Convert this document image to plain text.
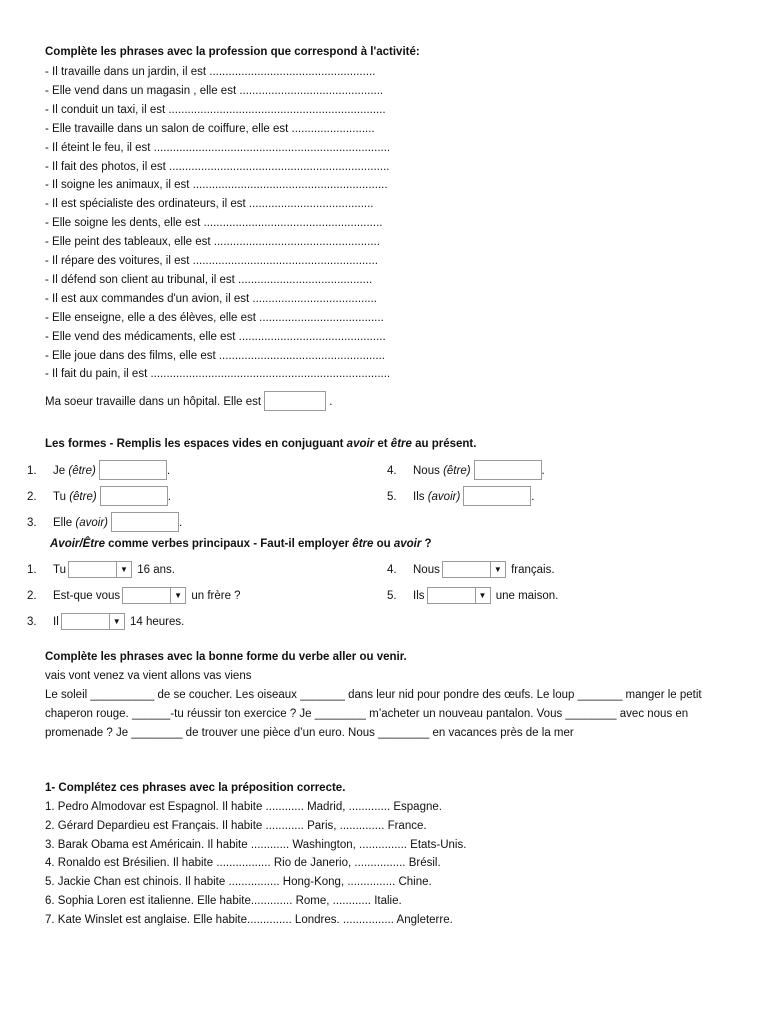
Complète les phrases avec la profession que correspond à l'activité:
- Il travaille dans un jardin, il est ....................................................
- Elle vend dans un magasin , elle est .............................................
- Il conduit un taxi, il est ....................................................................
- Elle travaille dans un salon de coiffure, elle est ..........................
- Il éteint le feu, il est ..........................................................................
- Il fait des photos, il est .....................................................................
- Il soigne les animaux, il est .............................................................
- Il est spécialiste des ordinateurs, il est .......................................
- Elle soigne les dents, elle est ........................................................
- Elle peint des tableaux, elle est ....................................................
- Il répare des voitures, il est ..........................................................
- Il défend son client au tribunal, il est ..........................................
- Il est aux commandes d'un avion, il est .......................................
- Elle enseigne, elle a des élèves, elle est .......................................
- Elle vend des médicaments, elle est ..............................................
- Elle joue dans des films, elle est ....................................................
- Il fait du pain, il est ...........................................................................
Ma soeur travaille dans un hôpital. Elle est	.
Les formes - Remplis les espaces vides en conjuguant avoir et être au présent.
1. Je (être)	.
2. Tu (être)	.
3. Elle (avoir)	.
4. Nous (être)	.
5. Ils (avoir)	.
Avoir/Être comme verbes principaux - Faut-il employer être ou avoir ?
1. Tu	▼ 16 ans.
2. Est-que vous	▼ un frère ?
3. Il	▼ 14 heures.
4. Nous	▼ français.
5. Ils	▼ une maison.
Complète les phrases avec la bonne forme du verbe aller ou venir.
vais vont venez va vient allons vas viens
Le soleil __________ de se coucher. Les oiseaux _______ dans leur nid pour pondre des œufs. Le loup _______ manger le petit chaperon rouge. ______-tu réussir ton exercice ? Je ________ m’acheter un nouveau pantalon. Vous ________ avec nous en promenade ? Je ________ de trouver une pièce d’un euro. Nous ________ en vacances près de la mer
1- Complétez ces phrases avec la préposition correcte.
1. Pedro Almodovar est Espagnol. Il habite ............ Madrid, ............. Espagne.
2. Gérard Depardieu est Français. Il habite ............ Paris, .............. France.
3. Barak Obama est Américain. Il habite ............ Washington, ............... Etats-Unis.
4. Ronaldo est Brésilien. Il habite ................. Rio de Janerio, ................ Brésil.
5. Jackie Chan est chinois. Il habite ................ Hong-Kong, ............... Chine.
6. Sophia Loren est italienne. Elle habite............. Rome, ............ Italie.
7. Kate Winslet est anglaise. Elle habite.............. Londres. ................ Angleterre.
